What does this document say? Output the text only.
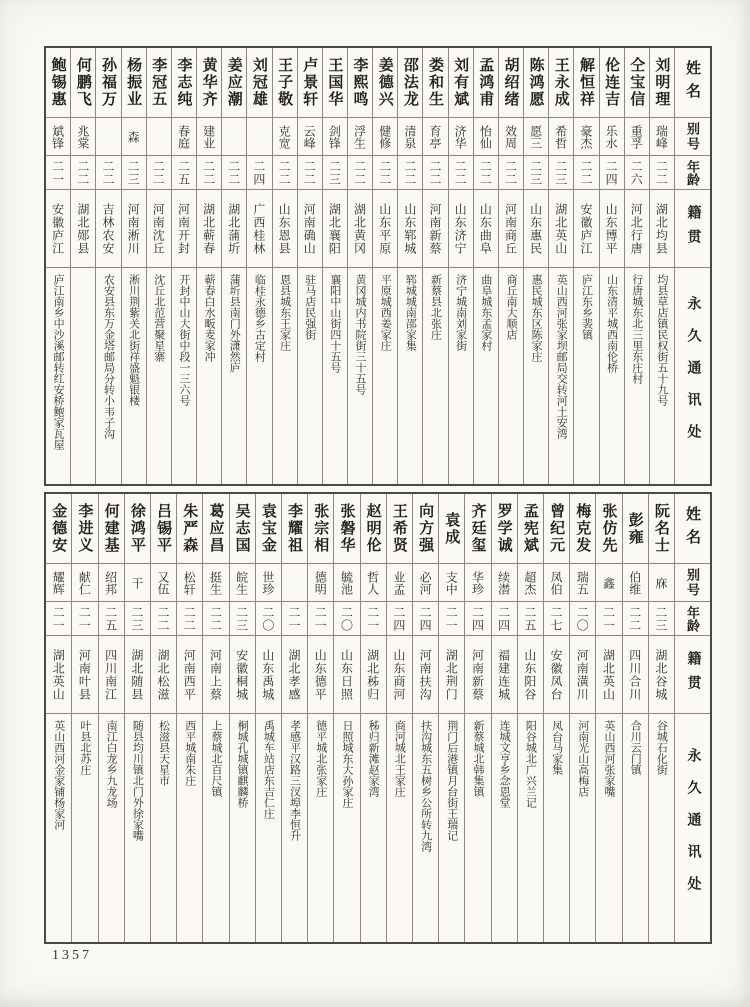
姓名
别号
年龄
籍贯
永久通讯处
刘明理
瑞峰
二二
湖北均县
均县草店镇民权街五十九号
仝宝信
重孚
二六
河北行唐
行唐城东北三里东庄村
伦连吉
乐水
二四
山东博平
山东清平城西南伦桥
解恒祥
豪杰
二二
安徽庐江
庐江东乡裴镇
王永成
希哲
二三
湖北英山
英山西河张家坝邮局交转河土安湾
陈鸿愿
愿三
二三
山东惠民
惠民城东区陈家庄
胡绍绪
效周
二二
河南商丘
商丘南大顺店
孟鸿甫
怡仙
二二
山东曲阜
曲阜城东孟家村
刘有斌
济华
二二
山东济宁
济宁城南刘家街
娄和生
育亭
二二
河南新蔡
新蔡县北张庄
邵法龙
清泉
二二
山东郓城
郓城城南邵家集
姜德兴
健修
二二
山东平原
平原城西姜家庄
李熙鸣
浮生
二二
湖北黄冈
黄冈城内书院街三十五号
王国华
剑锋
二三
湖北襄阳
襄阳中山街四十五号
卢景轩
云峰
二二
河南确山
驻马店民强街
王子敬
克宽
二二
山东恩县
恩县城东王家庄
刘冠雄
二四
广西桂林
临桂永德乡古定村
姜应潮
二二
湖北蒲圻
蒲圻县南门外潇然庐
黄华齐
建业
二二
湖北蕲春
蕲春白水畈麦家冲
李志纯
春庭
二五
河南开封
开封中山大街中段一三六号
李冠五
二二
河南沈丘
沈丘北范营聚星寨
杨振业
森
二三
河南淅川
淅川荆紫关北街祥盛魁银楼
孙福万
二二
吉林农安
农安县东万金塔邮局分转小韦子沟
何鹏飞
兆棠
二二
湖北郧县
鲍锡惠
斌锋
二一
安徽庐江
庐江南乡中沙溪邮转红安桥鲍家瓦屋
姓名
别号
年龄
籍贯
永久通讯处
阮名士
庥
二三
湖北谷城
谷城石化街
彭雍
伯维
二二
四川合川
合川云门镇
张仿先
鑫
二一
湖北英山
英山西河张家嘴
梅克发
瑞五
二〇
河南潢川
河南光山高梅店
曾纪元
凤伯
二七
安徽凤台
凤台马家集
孟宪斌
超杰
二五
山东阳谷
阳谷城北广兴兰记
罗学诚
续潜
二四
福建连城
连城文亨乡念恩堂
齐廷玺
华珍
二四
河南新蔡
新蔡城北韩集镇
袁成
支中
二一
湖北荆门
荆门后港镇月台街王瑞记
向方强
必河
二四
河南扶沟
扶沟城东五树乡公所转九湾
王希贤
业孟
二四
山东商河
商河城北王家庄
赵明伦
哲人
二一
湖北秭归
秭归新滩赵家湾
张磐华
毓池
二〇
山东日照
日照城东大孙家庄
张宗相
德明
二一
山东德平
德平城北张家庄
李耀祖
二一
湖北孝感
孝感平汉路三汊埠李恒升
袁宝金
世珍
二〇
山东禹城
禹城车站店东吉仁庄
吴志国
皖生
二三
安徽桐城
桐城孔城镇麒麟桥
葛应昌
挺生
二二
河南上蔡
上蔡城北百尺镇
朱严森
松轩
二二
河南西平
西平城南朱庄
吕锡平
又伍
二二
湖北松滋
松滋县天星市
徐鸿平
干
二三
湖北随县
随县均川镇北门外徐家嘴
何建基
绍邦
二五
四川南江
南江白龙乡九龙场
李进义
献仁
二一
河南叶县
叶县北苏庄
金德安
耀辉
二一
湖北英山
英山西河金家铺杨家河
1357
